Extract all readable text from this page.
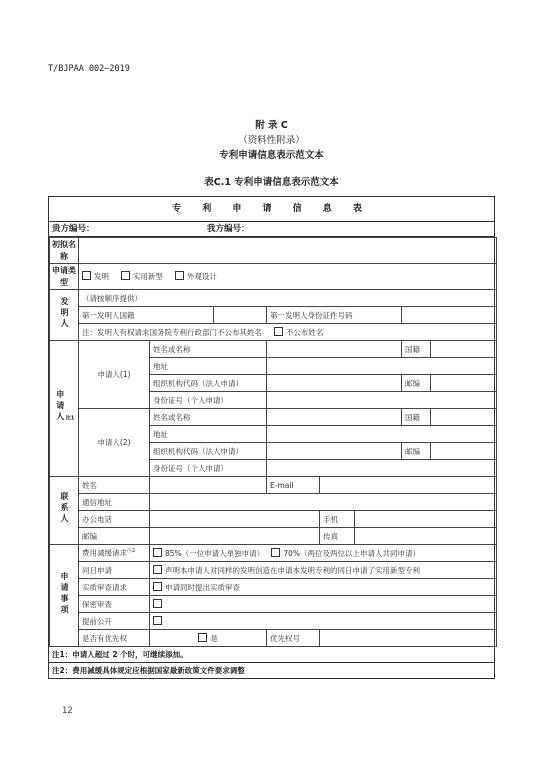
T/BJPAA 002—2019
附 录 C
（资料性附录）
专利申请信息表示范文本
表C.1 专利申请信息表示范文本
专 利 申 请 信 息 表
贵方编号：	我方编号：
初拟名称								
申请类型	发明 实用新型 外观设计							
发明人	（请按顺序提供）							
	第一发明人国籍			第一发明人身份证件号码				
	注：发明人有权请求国务院专利行政部门不公布其姓名 不公布姓名							
申请人$^{注1}$	申请人(1)	姓名或名称					国籍	
		地址						
		组织机构代码（法人申请）					邮编	
		身份证号（个人申请）						
	申请人(2)	姓名或名称					国籍	
		地址						
		组织机构代码（法人申请）					邮编	
		身份证号（个人申请）						
联系人	姓名			E-mail				
	通信地址							
	办公电话				手机			
	邮编				传真			
申请事项	费用减缓请求$^{注2}$	85%（一位申请人单独申请） 70%（两位及两位以上申请人共同申请）						
	同日申请	声明本申请人对同样的发明创造在申请本发明专利的同日申请了实用新型专利						
	实质审查请求	申请同时提出实质审查						
	保密审查							
	提前公开							
	是否有优先权	是		优先权号				
注1：申请人超过 2 个时，可继续添加。
注2：费用减缓具体规定应根据国家最新政策文件要求调整
12
